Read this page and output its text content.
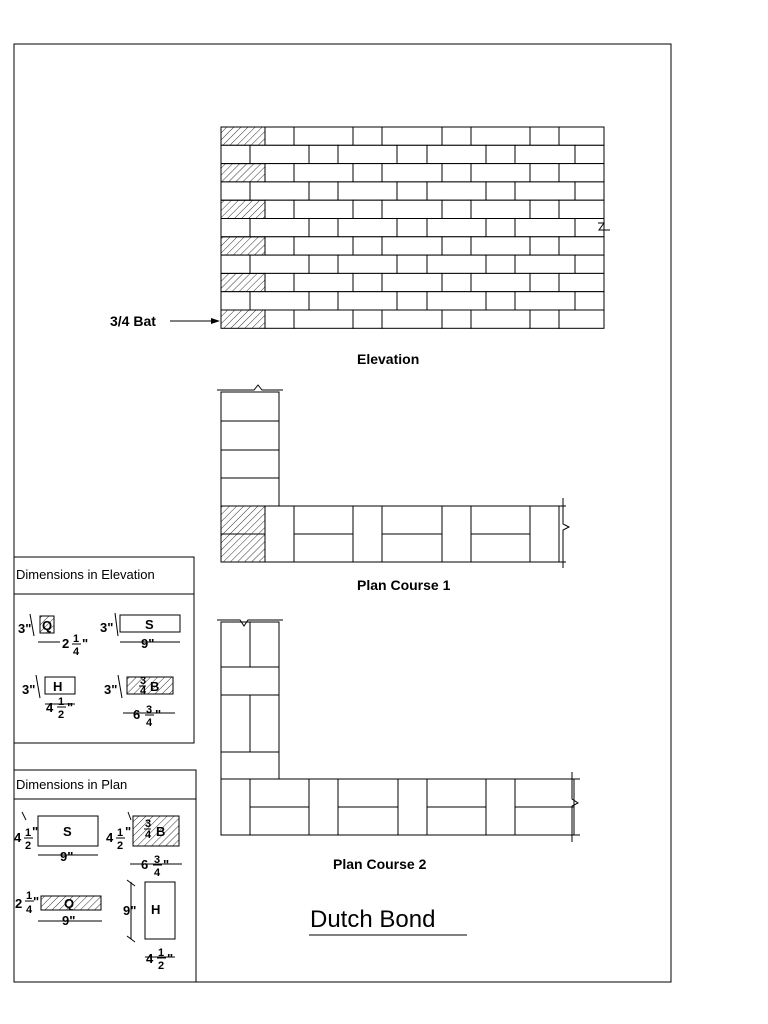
3/4 Bat
Elevation
Plan Course 1
Plan Course 2
Dutch Bond
Dimensions in Elevation
Q
3"
2 1
4
"
S
3"
9"
H
3"
4 1
2 "
3
4 B
3"
6 3
4
"
Dimensions in Plan
S
4 1
2
"
9"
3
4 B
4 1
2
"
6 3
4
"
Q
2 1
4
"
9"
H
9"
4 1
2 "
